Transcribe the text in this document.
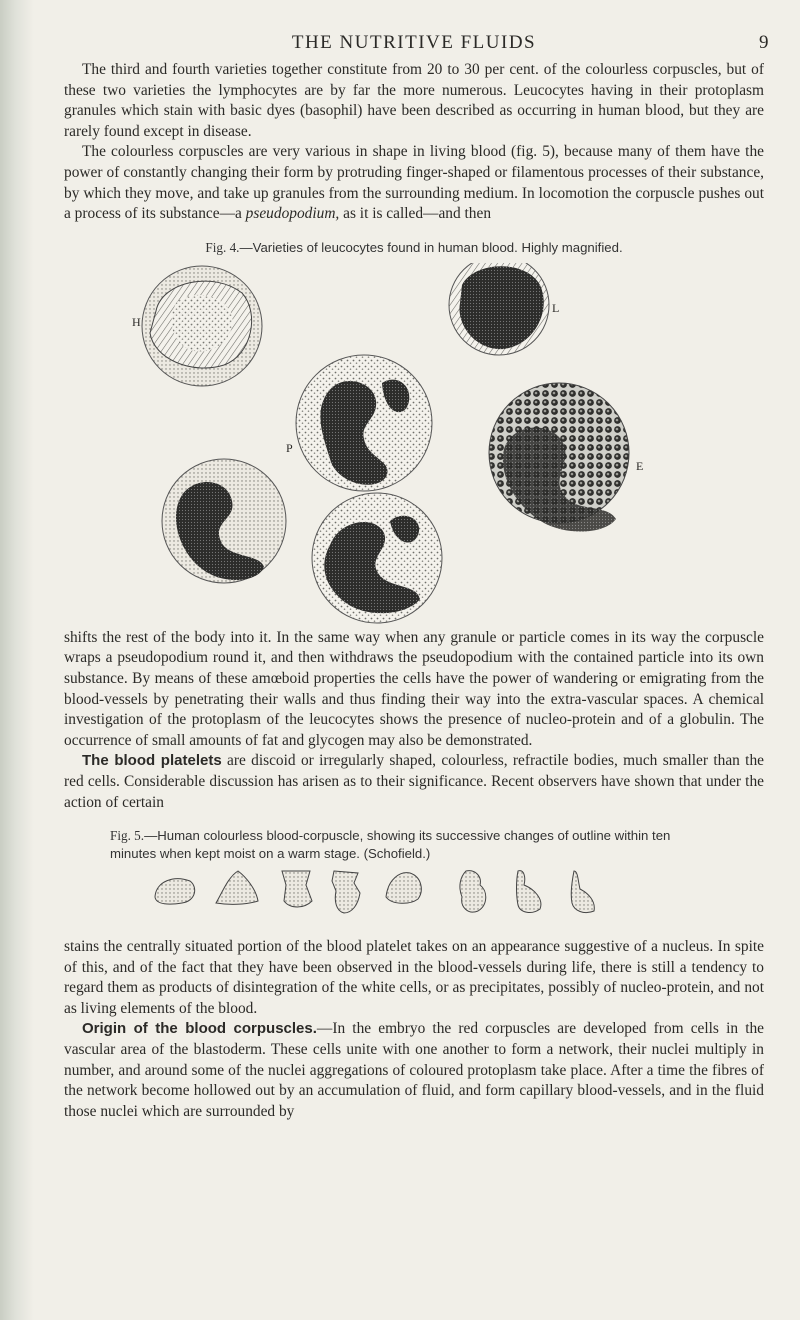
THE NUTRITIVE FLUIDS	9

The third and fourth varieties together constitute from 20 to 30 per cent. of the colourless corpuscles, but of these two varieties the lymphocytes are by far the more numerous. Leucocytes having in their protoplasm granules which stain with basic dyes (basophil) have been described as occurring in human blood, but they are rarely found except in disease.

The colourless corpuscles are very various in shape in living blood (fig. 5), because many of them have the power of constantly changing their form by protruding finger-shaped or filamentous processes of their substance, by which they move, and take up granules from the surrounding medium. In locomotion the corpuscle pushes out a process of its substance—a pseudopodium, as it is called—and then

Fig. 4.—Varieties of leucocytes found in human blood. Highly magnified.
H
L
P
E

shifts the rest of the body into it. In the same way when any granule or particle comes in its way the corpuscle wraps a pseudopodium round it, and then withdraws the pseudopodium with the contained particle into its own substance. By means of these amœboid properties the cells have the power of wandering or emigrating from the blood-vessels by penetrating their walls and thus finding their way into the extra-vascular spaces. A chemical investigation of the protoplasm of the leucocytes shows the presence of nucleo-protein and of a globulin. The occurrence of small amounts of fat and glycogen may also be demonstrated.

The blood platelets are discoid or irregularly shaped, colourless, refractile bodies, much smaller than the red cells. Considerable discussion has arisen as to their significance. Recent observers have shown that under the action of certain

Fig. 5.—Human colourless blood-corpuscle, showing its successive changes of outline within ten minutes when kept moist on a warm stage. (Schofield.)

stains the centrally situated portion of the blood platelet takes on an appearance suggestive of a nucleus. In spite of this, and of the fact that they have been observed in the blood-vessels during life, there is still a tendency to regard them as products of disintegration of the white cells, or as precipitates, possibly of nucleo-protein, and not as living elements of the blood.

Origin of the blood corpuscles.—In the embryo the red corpuscles are developed from cells in the vascular area of the blastoderm. These cells unite with one another to form a network, their nuclei multiply in number, and around some of the nuclei aggregations of coloured protoplasm take place. After a time the fibres of the network become hollowed out by an accumulation of fluid, and form capillary blood-vessels, and in the fluid those nuclei which are surrounded by
